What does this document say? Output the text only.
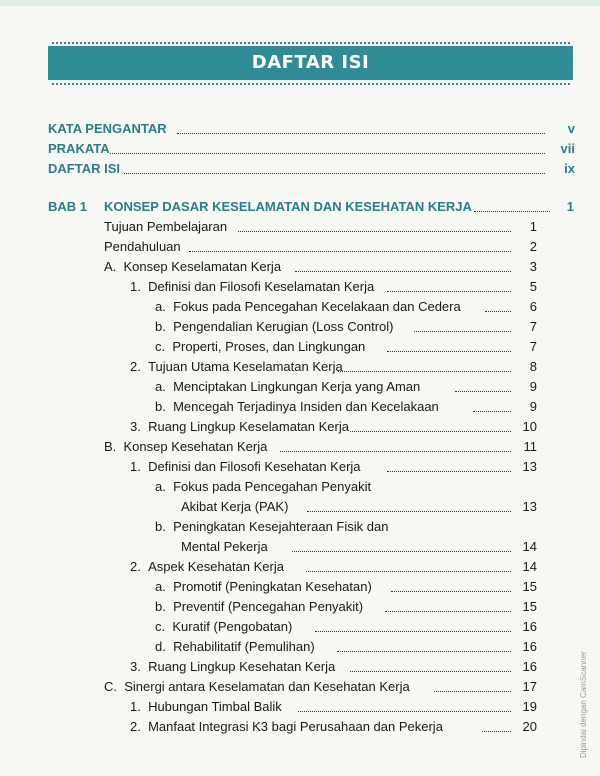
DAFTAR ISI
KATA PENGANTAR	v
PRAKATA	vii
DAFTAR ISI	ix
BAB 1 KONSEP DASAR KESELAMATAN DAN KESEHATAN KERJA	1
Tujuan Pembelajaran	1
Pendahuluan	2
A.  Konsep Keselamatan Kerja	3
1.  Definisi dan Filosofi Keselamatan Kerja	5
a.  Fokus pada Pencegahan Kecelakaan dan Cedera	6
b.  Pengendalian Kerugian (Loss Control)	7
c.  Properti, Proses, dan Lingkungan	7
2.  Tujuan Utama Keselamatan Kerja	8
a.  Menciptakan Lingkungan Kerja yang Aman	9
b.  Mencegah Terjadinya Insiden dan Kecelakaan	9
3.  Ruang Lingkup Keselamatan Kerja	10
B.  Konsep Kesehatan Kerja	11
1.  Definisi dan Filosofi Kesehatan Kerja	13
a.  Fokus pada Pencegahan Penyakit
Akibat Kerja (PAK)	13
b.  Peningkatan Kesejahteraan Fisik dan
Mental Pekerja	14
2.  Aspek Kesehatan Kerja	14
a.  Promotif (Peningkatan Kesehatan)	15
b.  Preventif (Pencegahan Penyakit)	15
c.  Kuratif (Pengobatan)	16
d.  Rehabilitatif (Pemulihan)	16
3.  Ruang Lingkup Kesehatan Kerja	16
C.  Sinergi antara Keselamatan dan Kesehatan Kerja	17
1.  Hubungan Timbal Balik	19
2.  Manfaat Integrasi K3 bagi Perusahaan dan Pekerja	20	Dipindai dengan CamScanner
